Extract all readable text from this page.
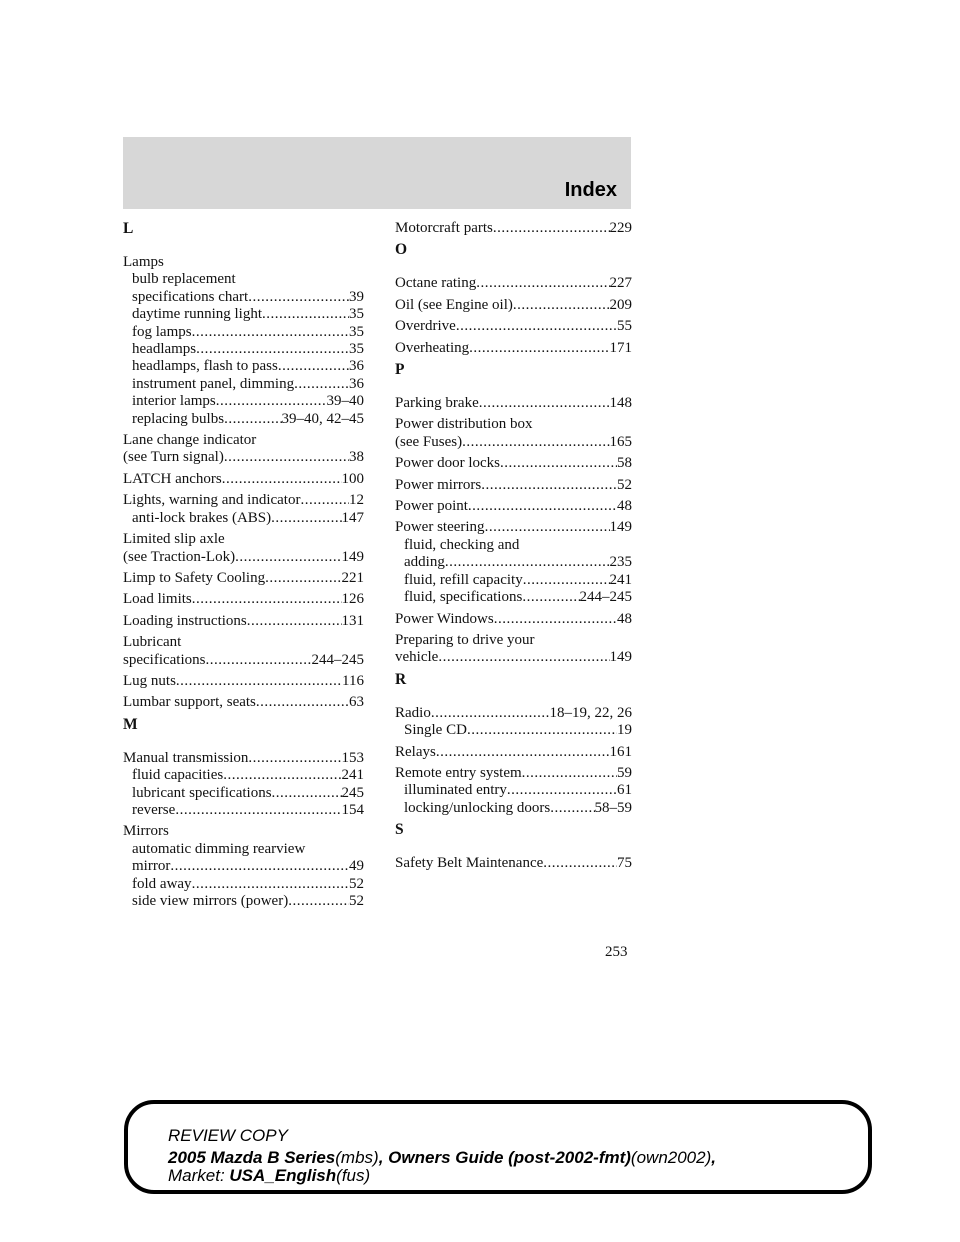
Index
L
Lamps
bulb replacement
specifications chart .....	39
daytime running light .....	35
fog lamps .....	35
headlamps .....	35
headlamps, flash to pass .....	36
instrument panel, dimming .....	36
interior lamps .....	39–40
replacing bulbs .....	39–40, 42–45
Lane change indicator
(see Turn signal) .....	38
LATCH anchors .....	100
Lights, warning and indicator .....	12
anti-lock brakes (ABS) .....	147
Limited slip axle
(see Traction-Lok) .....	149
Limp to Safety Cooling .....	221
Load limits .....	126
Loading instructions .....	131
Lubricant
specifications .....	244–245
Lug nuts .....	116
Lumbar support, seats .....	63
M
Manual transmission .....	153
fluid capacities .....	241
lubricant specifications .....	245
reverse .....	154
Mirrors
automatic dimming rearview
mirror .....	49
fold away .....	52
side view mirrors (power) .....	52
Motorcraft parts .....	229
O
Octane rating .....	227
Oil (see Engine oil) .....	209
Overdrive .....	55
Overheating .....	171
P
Parking brake .....	148
Power distribution box
(see Fuses) .....	165
Power door locks .....	58
Power mirrors .....	52
Power point .....	48
Power steering .....	149
fluid, checking and
adding .....	235
fluid, refill capacity .....	241
fluid, specifications .....	244–245
Power Windows .....	48
Preparing to drive your
vehicle .....	149
R
Radio .....	18–19, 22, 26
Single CD .....	19
Relays .....	161
Remote entry system .....	59
illuminated entry .....	61
locking/unlocking doors .....	58–59
S
Safety Belt Maintenance .....	75
253
REVIEW COPY
2005 Mazda B Series(mbs), Owners Guide (post-2002-fmt)(own2002),
Market: USA_English(fus)
